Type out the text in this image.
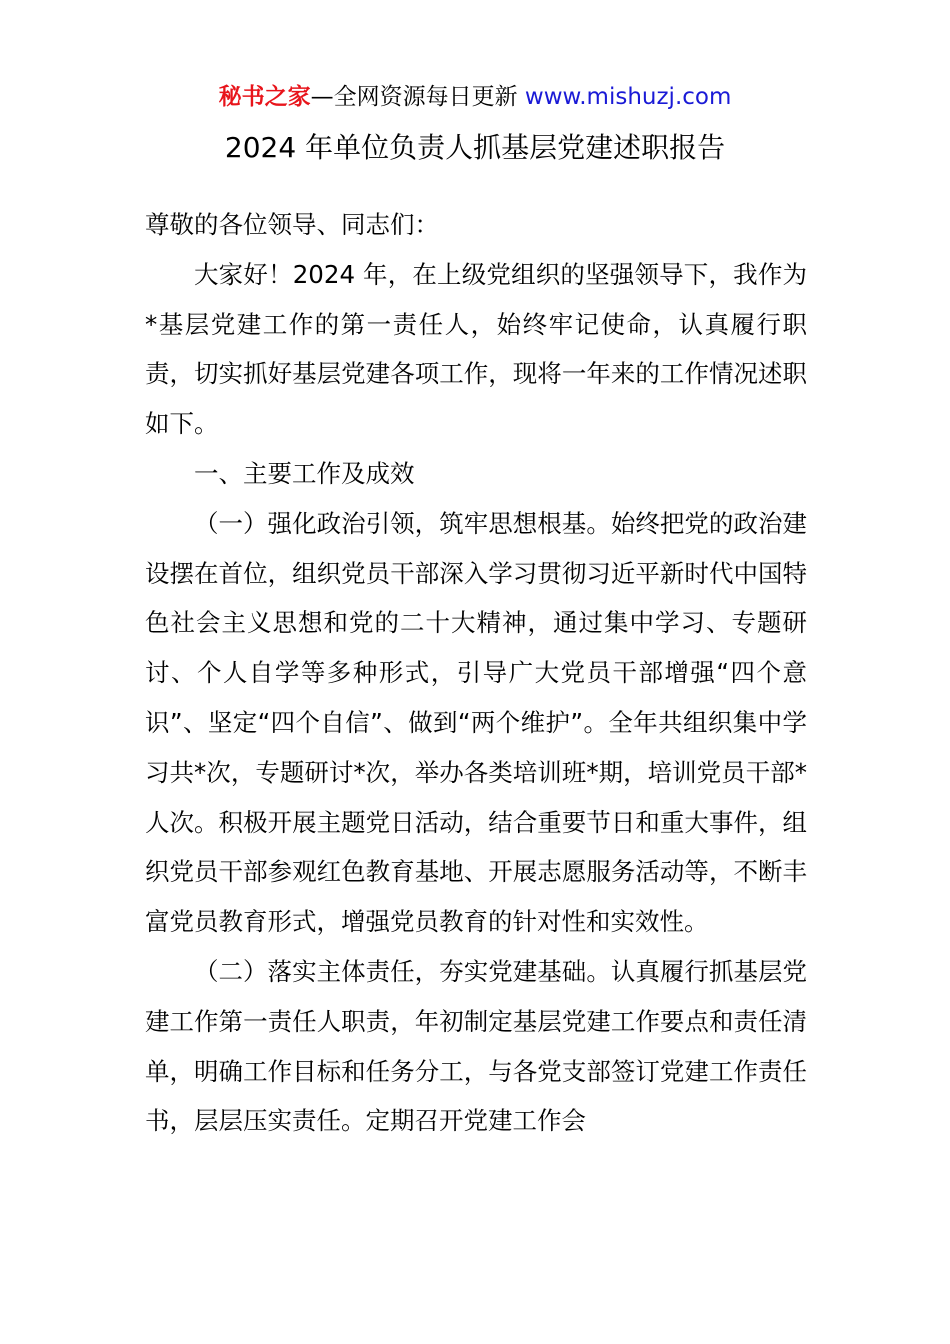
秘书之家—全网资源每日更新 www.mishuzj.com
2024 年单位负责人抓基层党建述职报告

尊敬的各位领导、同志们：

大家好！2024 年，在上级党组织的坚强领导下，我作为*基层党建工作的第一责任人，始终牢记使命，认真履行职责，切实抓好基层党建各项工作，现将一年来的工作情况述职如下。

一、主要工作及成效

（一）强化政治引领，筑牢思想根基。始终把党的政治建设摆在首位，组织党员干部深入学习贯彻习近平新时代中国特色社会主义思想和党的二十大精神，通过集中学习、专题研讨、个人自学等多种形式，引导广大党员干部增强“四个意识”、坚定“四个自信”、做到“两个维护”。全年共组织集中学习共*次，专题研讨*次，举办各类培训班*期，培训党员干部*人次。积极开展主题党日活动，结合重要节日和重大事件，组织党员干部参观红色教育基地、开展志愿服务活动等，不断丰富党员教育形式，增强党员教育的针对性和实效性。

（二）落实主体责任，夯实党建基础。认真履行抓基层党建工作第一责任人职责，年初制定基层党建工作要点和责任清单，明确工作目标和任务分工，与各党支部签订党建工作责任书，层层压实责任。定期召开党建工作会
